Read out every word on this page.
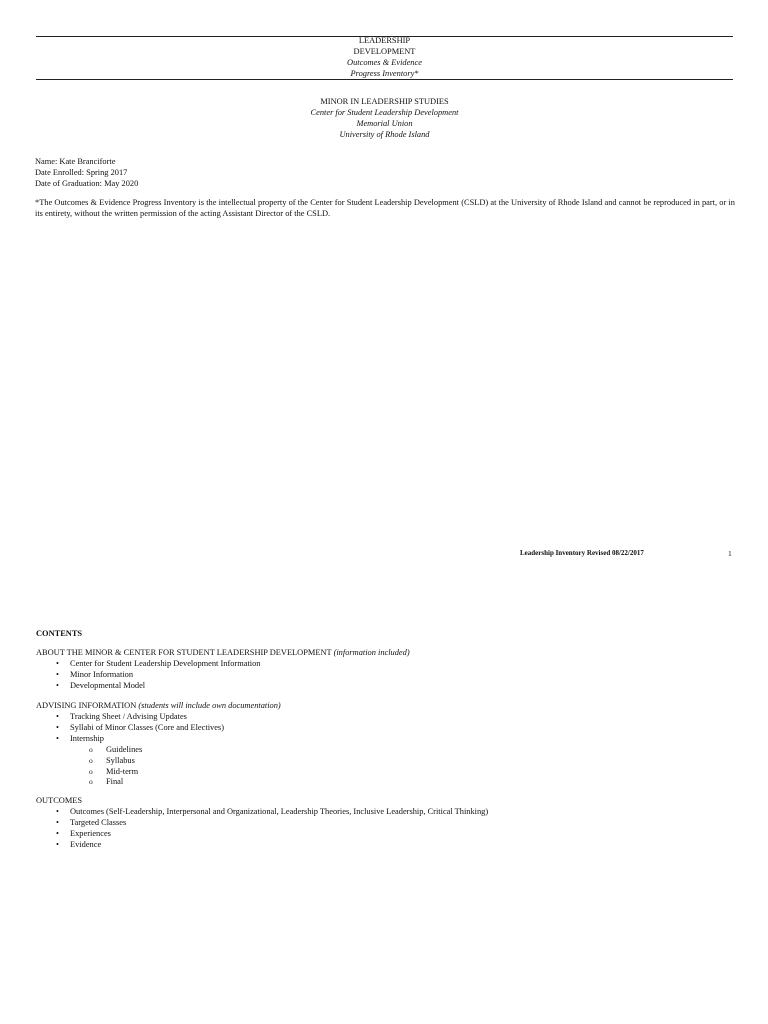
LEADERSHIP
DEVELOPMENT
Outcomes & Evidence
Progress Inventory*
MINOR IN LEADERSHIP STUDIES
Center for Student Leadership Development
Memorial Union
University of Rhode Island
Name: Kate Branciforte
Date Enrolled: Spring 2017
Date of Graduation: May 2020
*The Outcomes & Evidence Progress Inventory is the intellectual property of the Center for Student Leadership Development (CSLD) at the University of Rhode Island and cannot be reproduced in part, or in its entirety, without the written permission of the acting Assistant Director of the CSLD.
Leadership Inventory Revised 08/22/2017	1
CONTENTS
ABOUT THE MINOR & CENTER FOR STUDENT LEADERSHIP DEVELOPMENT (information included)
• Center for Student Leadership Development Information
• Minor Information
• Developmental Model
ADVISING INFORMATION (students will include own documentation)
• Tracking Sheet / Advising Updates
• Syllabi of Minor Classes (Core and Electives)
• Internship
o Guidelines
o Syllabus
o Mid-term
o Final
OUTCOMES
• Outcomes (Self-Leadership, Interpersonal and Organizational, Leadership Theories, Inclusive Leadership, Critical Thinking)
• Targeted Classes
• Experiences
• Evidence
